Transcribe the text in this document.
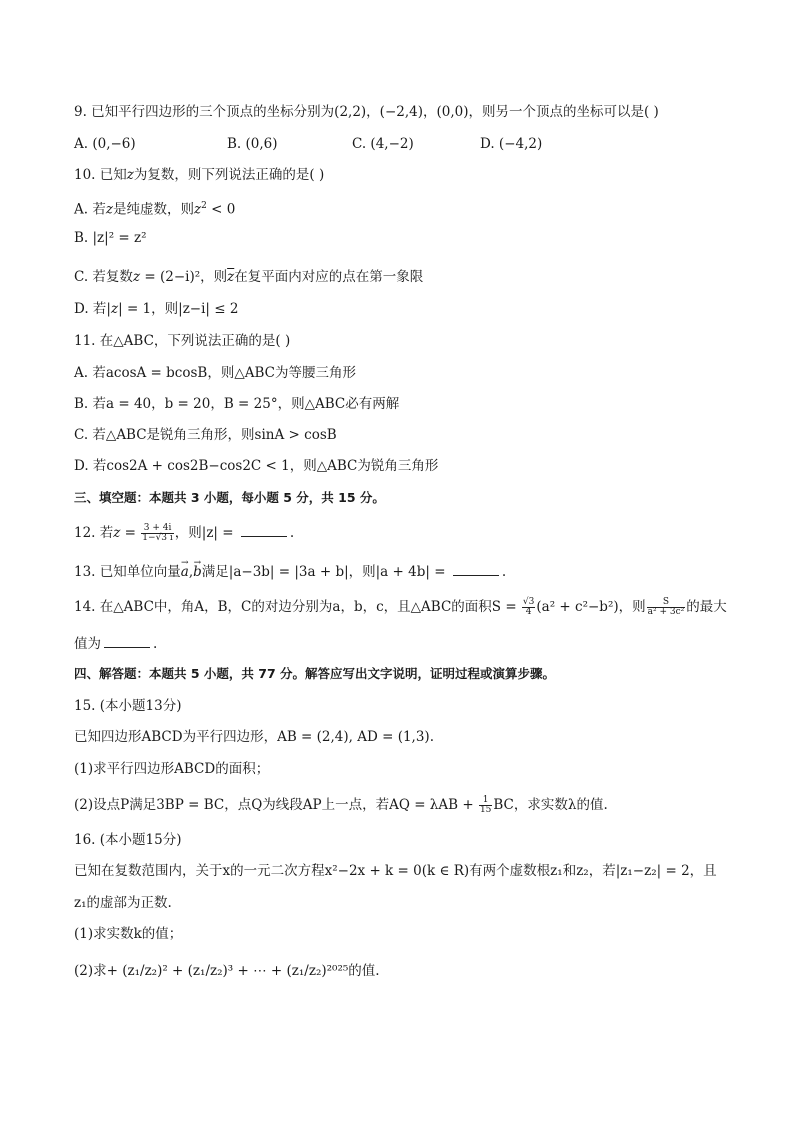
9. 已知平行四边形的三个顶点的坐标分别为(2,2)，(−2,4)，(0,0)，则另一个顶点的坐标可以是( )
A. (0,−6)	B. (0,6)	C. (4,−2)	D. (−4,2)
10. 已知z为复数，则下列说法正确的是( )
A. 若z是纯虚数，则$z^2 < 0$
B. |z|² = z²
C. 若复数z = (2−i)²，则$\overline{z}$在复平面内对应的点在第一象限
D. 若|z| = 1，则|z−i| ≤ 2
11. 在△ABC，下列说法正确的是( )
A. 若acosA = bcosB，则△ABC为等腰三角形
B. 若a = 40，b = 20，B = 25°，则△ABC必有两解
C. 若△ABC是锐角三角形，则sinA > cosB
D. 若cos2A + cos2B−cos2C < 1，则△ABC为锐角三角形
三、填空题：本题共 3 小题，每小题 5 分，共 15 分。
12. 若$z = \frac{3 + 4i}{1-√3 i}$ ，则|z| =	.
13. 已知单位向量→ a,→ b满足|a−3b| = |3a + b|，则|a + 4b| =	.
14. 在△ABC中，角A，B，C的对边分别为a，b，c，且△ABC的面积$S = \frac{√3}{4} (a^2 + c^2-b^2)$，则 $\frac{S}{\text{a² + 3c²}}$ 的最大
值为	.
四、解答题：本题共 5 小题，共 77 分。解答应写出文字说明，证明过程或演算步骤。
15. (本小题13分)
已知四边形ABCD为平行四边形，AB = (2,4), AD = (1,3).
(1)求平行四边形ABCD的面积；
(2)设点P满足3BP = BC，点Q为线段AP上一点，若AQ = $\lambda AB + \frac{1}{15}$ BC，求实数λ的值.
16. (本小题15分)
已知在复数范围内，关于x的一元二次方程x²−2x + k = 0(k ∈ R)有两个虚数根z₁和z₂，若|z₁−z₂| = 2，且
z₁的虚部为正数.
(1)求实数k的值；
(2)求+ (z₁/z₂)² + (z₁/z₂)³ + ⋯ + (z₁/z₂)²⁰²⁵的值.
